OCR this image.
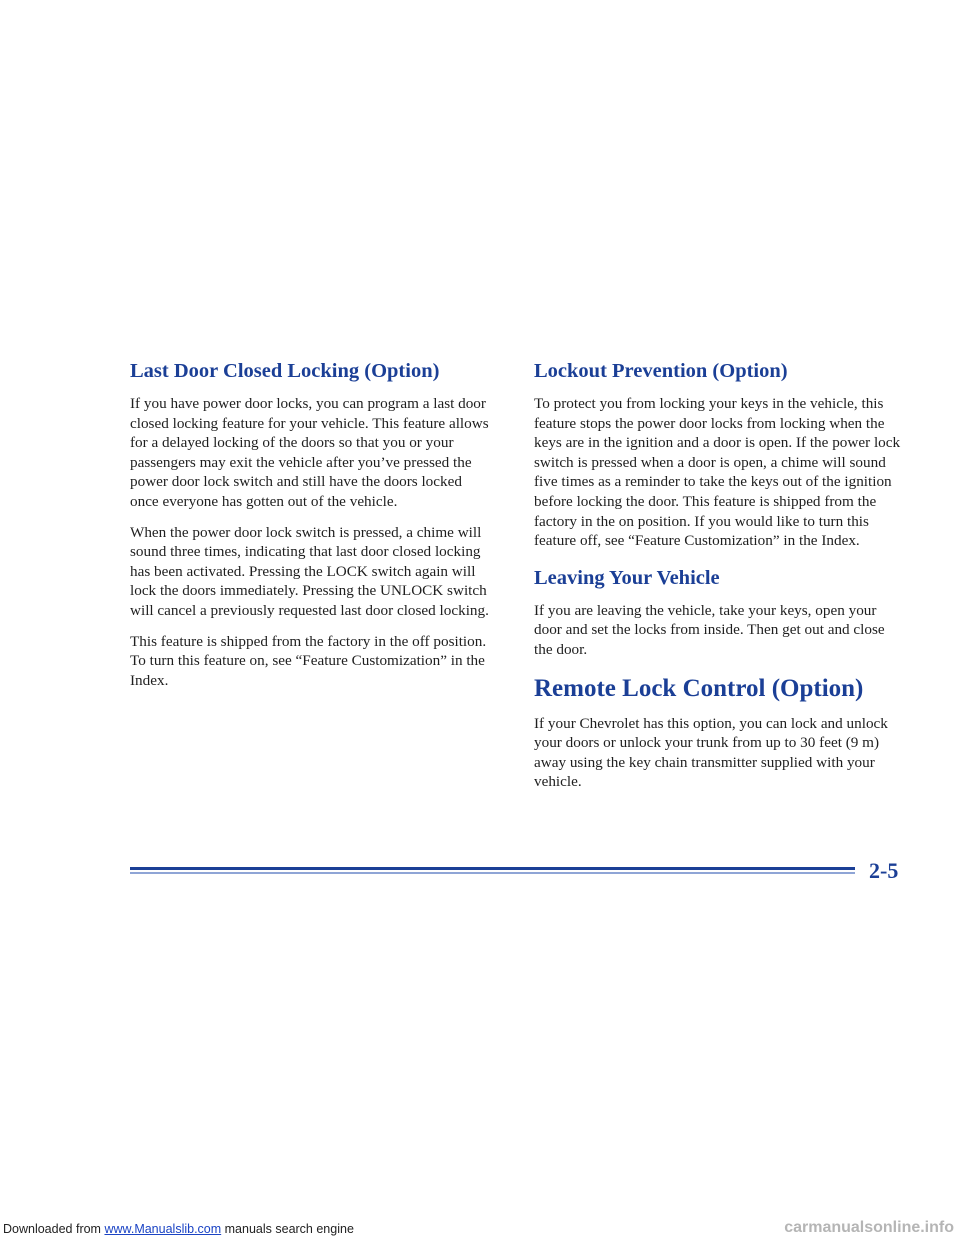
Last Door Closed Locking (Option)

If you have power door locks, you can program a last door closed locking feature for your vehicle. This feature allows for a delayed locking of the doors so that you or your passengers may exit the vehicle after you’ve pressed the power door lock switch and still have the doors locked once everyone has gotten out of the vehicle.

When the power door lock switch is pressed, a chime will sound three times, indicating that last door closed locking has been activated. Pressing the LOCK switch again will lock the doors immediately. Pressing the UNLOCK switch will cancel a previously requested last door closed locking.

This feature is shipped from the factory in the off position. To turn this feature on, see “Feature Customization” in the Index.

Lockout Prevention (Option)

To protect you from locking your keys in the vehicle, this feature stops the power door locks from locking when the keys are in the ignition and a door is open. If the power lock switch is pressed when a door is open, a chime will sound five times as a reminder to take the keys out of the ignition before locking the door. This feature is shipped from the factory in the on position. If you would like to turn this feature off, see “Feature Customization” in the Index.

Leaving Your Vehicle

If you are leaving the vehicle, take your keys, open your door and set the locks from inside. Then get out and close the door.

Remote Lock Control (Option)

If your Chevrolet has this option, you can lock and unlock your doors or unlock your trunk from up to 30 feet (9 m) away using the key chain transmitter supplied with your vehicle.

2-5
Downloaded from www.Manualslib.com manuals search engine	carmanualsonline.info
